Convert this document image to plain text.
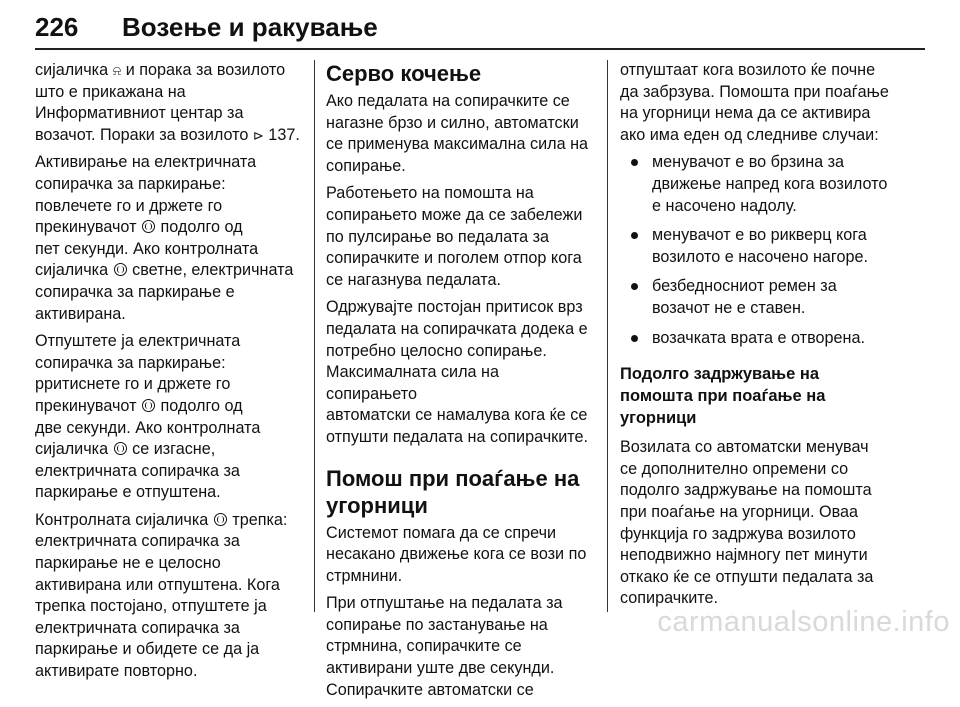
226 Возење и ракување

сијаличка ⍾ и порака за возилото
што е прикажана на
Информативниот центар за
возачот. Пораки за возилото ⊳ 137.

Активирање на електричната
сопирачка за паркирање:
повлечете го и држете го
прекинувачот  подолго од
пет секунди. Ако контролната
сијаличка  светне, електричната
сопирачка за паркирање е
активирана.

Отпуштете ја електричната
сопирачка за паркирање:
pритиснете го и држете го
прекинувачот  подолго од
две секунди. Ако контролната
сијаличка  се изгасне,
електричната сопирачка за
паркирање е отпуштена.

Контролната сијаличка  трепка:
електричната сопирачка за
паркирање не е целосно
активирана или отпуштена. Кога
трепка постојано, отпуштете ја
електричната сопирачка за
паркирање и обидете се да ја
активирате повторно.

Серво кочење

Ако педалата на сопирачките се
нагазне брзо и силно, автоматски
се применува максимална сила на
сопирање.

Работењето на помошта на
сопирањето може да се забележи
по пулсирање во педалата за
сопирачките и поголем отпор кога
се нагазнува педалата.

Одржувајте постојан притисок врз
педалата на сопирачката додека е
потребно целосно сопирање.
Максималната сила на сопирањето
автоматски се намалува кога ќе се
отпушти педалата на сопирачките.

Помош при поаѓање на
угорници

Системот помага да се спречи
несакано движење кога се вози по
стрмнини.

При отпуштање на педалата за
сопирање по застанување на
стрмнина, сопирачките се
активирани уште две секунди.
Сопирачките автоматски се

отпуштаат кога возилото ќе почне
да забрзува. Помошта при поаѓање
на угорници нема да се активира
ако има еден од следниве случаи:

менувачот е во брзина за
движење напред кога возилото
е насочено надолу.
менувачот е во рикверц кога
возилото е насочено нагоре.
безбедносниот ремен за
возачот не е ставен.
возачката врата е отворена.
Подолго задржување на
помошта при поаѓање на
угорници

Возилата со автоматски менувач
се дополнително опремени со
подолго задржување на помошта
при поаѓање на угорници. Оваа
функција го задржува возилото
неподвижно најмногу пет минути
откако ќе се отпушти педалата за
сопирачките.

carmanualsonline.info
